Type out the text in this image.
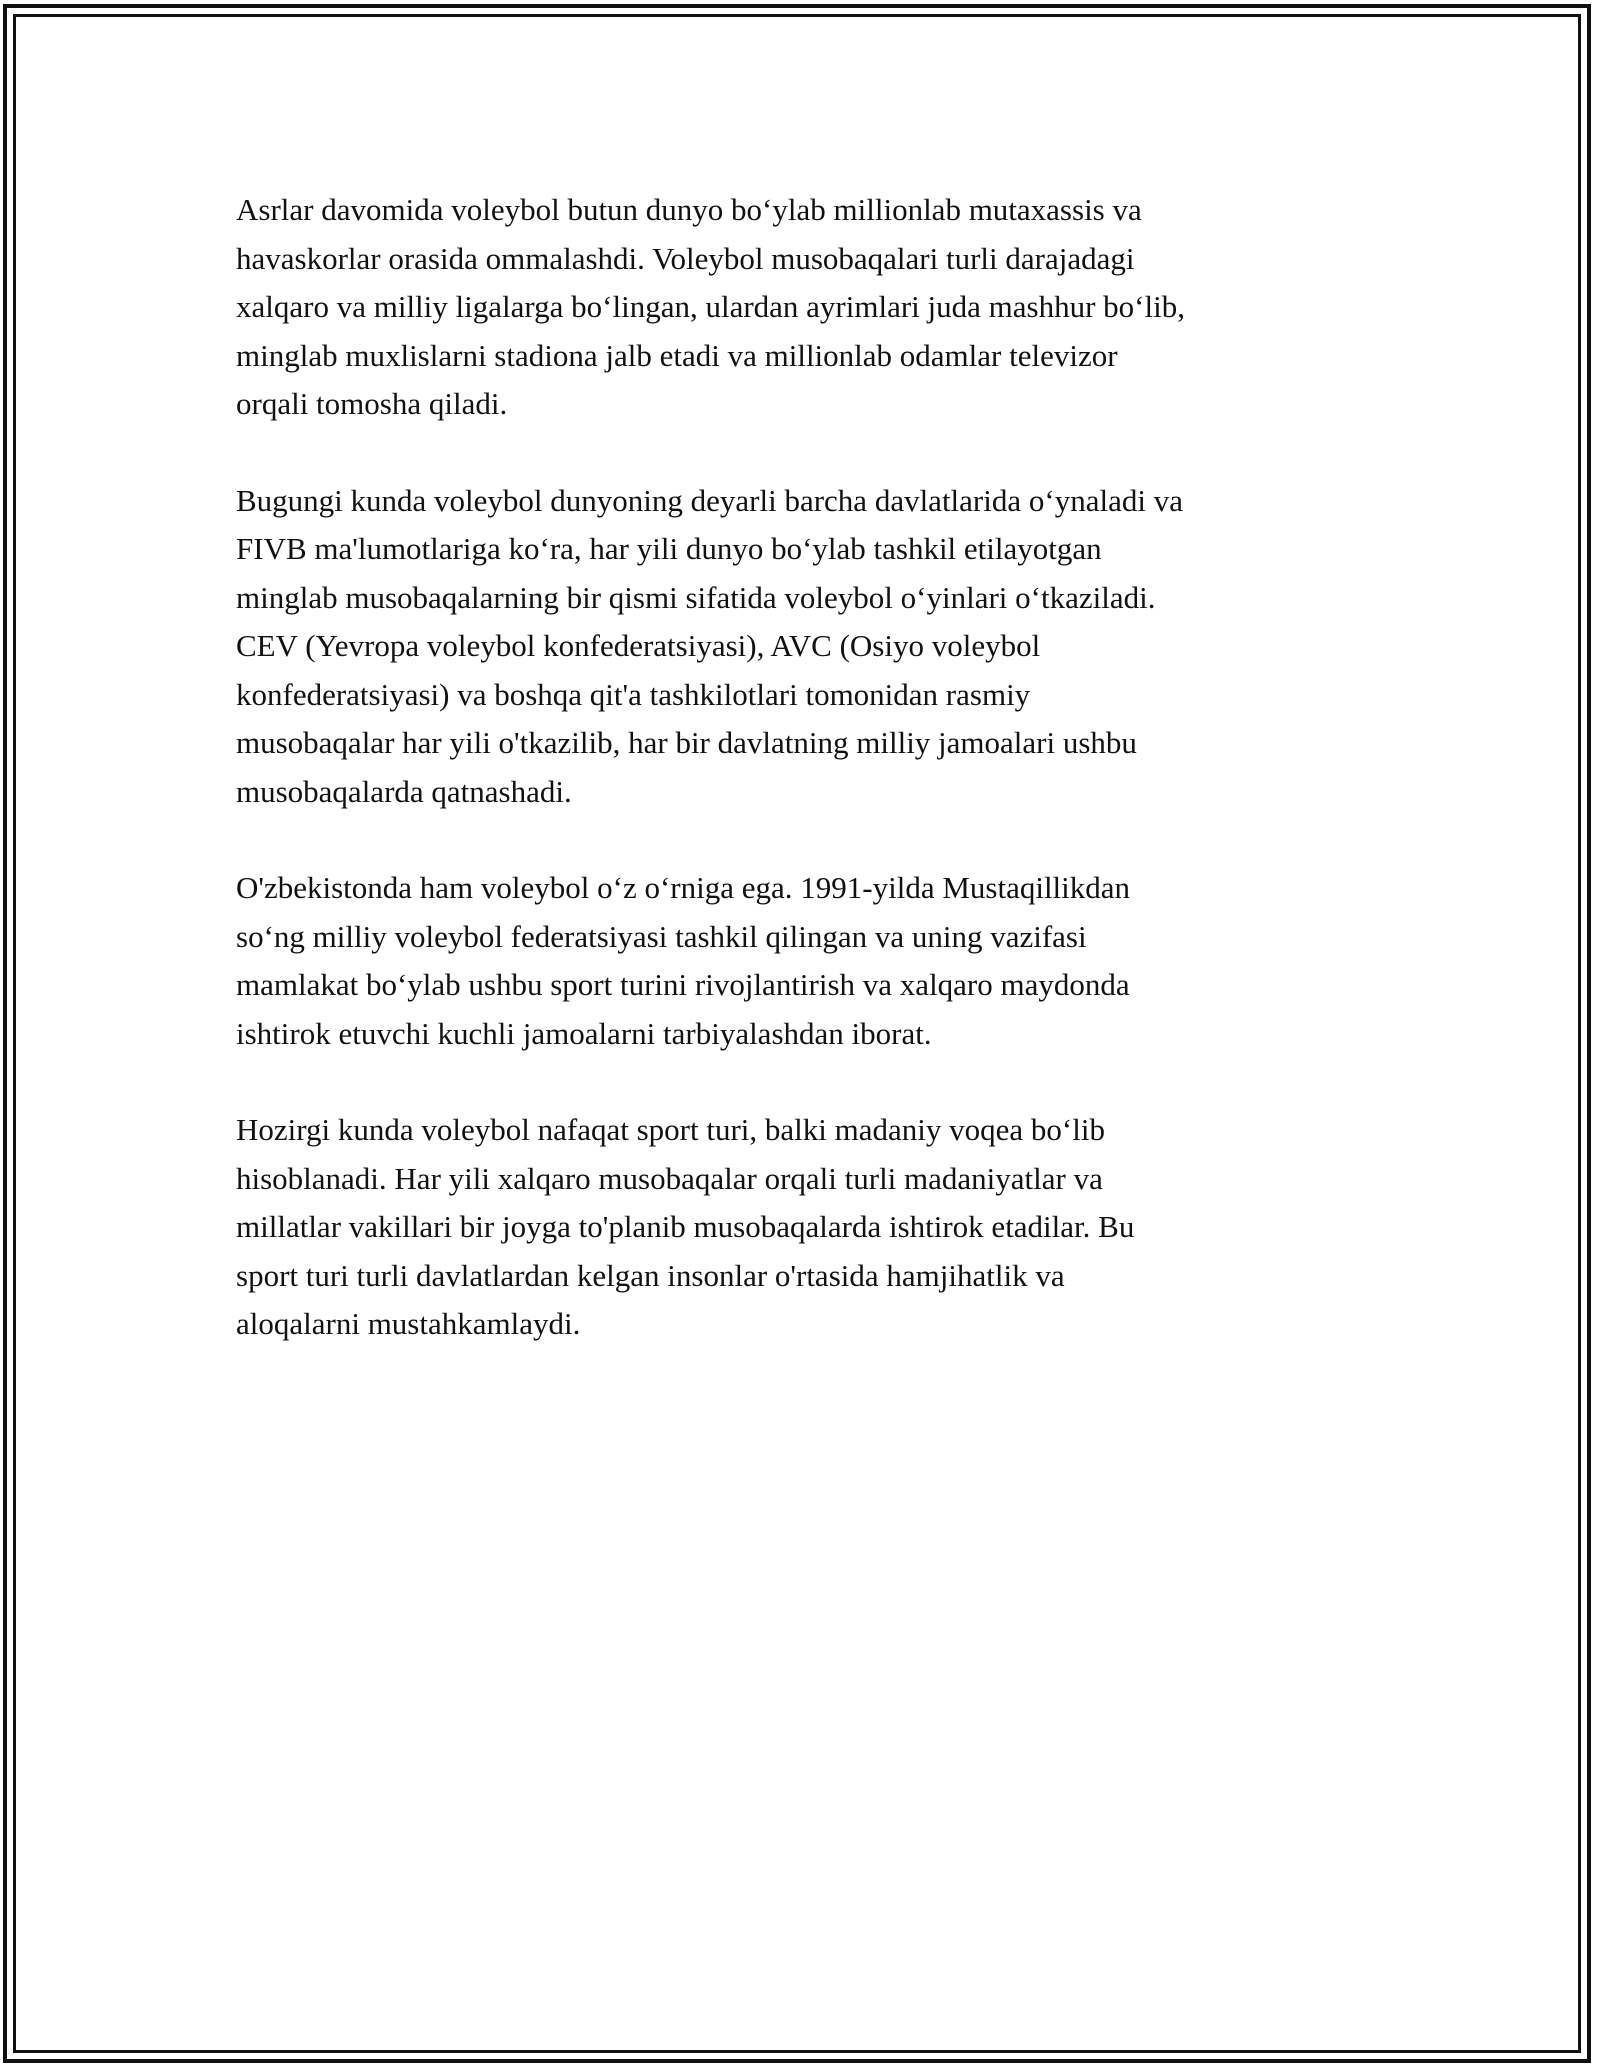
Asrlar davomida voleybol butun dunyo bo‘ylab millionlab mutaxassis va
havaskorlar orasida ommalashdi. Voleybol musobaqalari turli darajadagi
xalqaro va milliy ligalarga bo‘lingan, ulardan ayrimlari juda mashhur bo‘lib,
minglab muxlislarni stadiona jalb etadi va millionlab odamlar televizor
orqali tomosha qiladi.

Bugungi kunda voleybol dunyoning deyarli barcha davlatlarida o‘ynaladi va
FIVB ma'lumotlariga ko‘ra, har yili dunyo bo‘ylab tashkil etilayotgan
minglab musobaqalarning bir qismi sifatida voleybol o‘yinlari o‘tkaziladi.
CEV (Yevropa voleybol konfederatsiyasi), AVC (Osiyo voleybol
konfederatsiyasi) va boshqa qit'a tashkilotlari tomonidan rasmiy
musobaqalar har yili o'tkazilib, har bir davlatning milliy jamoalari ushbu
musobaqalarda qatnashadi.

O'zbekistonda ham voleybol o‘z o‘rniga ega. 1991-yilda Mustaqillikdan
so‘ng milliy voleybol federatsiyasi tashkil qilingan va uning vazifasi
mamlakat bo‘ylab ushbu sport turini rivojlantirish va xalqaro maydonda
ishtirok etuvchi kuchli jamoalarni tarbiyalashdan iborat.

Hozirgi kunda voleybol nafaqat sport turi, balki madaniy voqea bo‘lib
hisoblanadi. Har yili xalqaro musobaqalar orqali turli madaniyatlar va
millatlar vakillari bir joyga to'planib musobaqalarda ishtirok etadilar. Bu
sport turi turli davlatlardan kelgan insonlar o'rtasida hamjihatlik va
aloqalarni mustahkamlaydi.
